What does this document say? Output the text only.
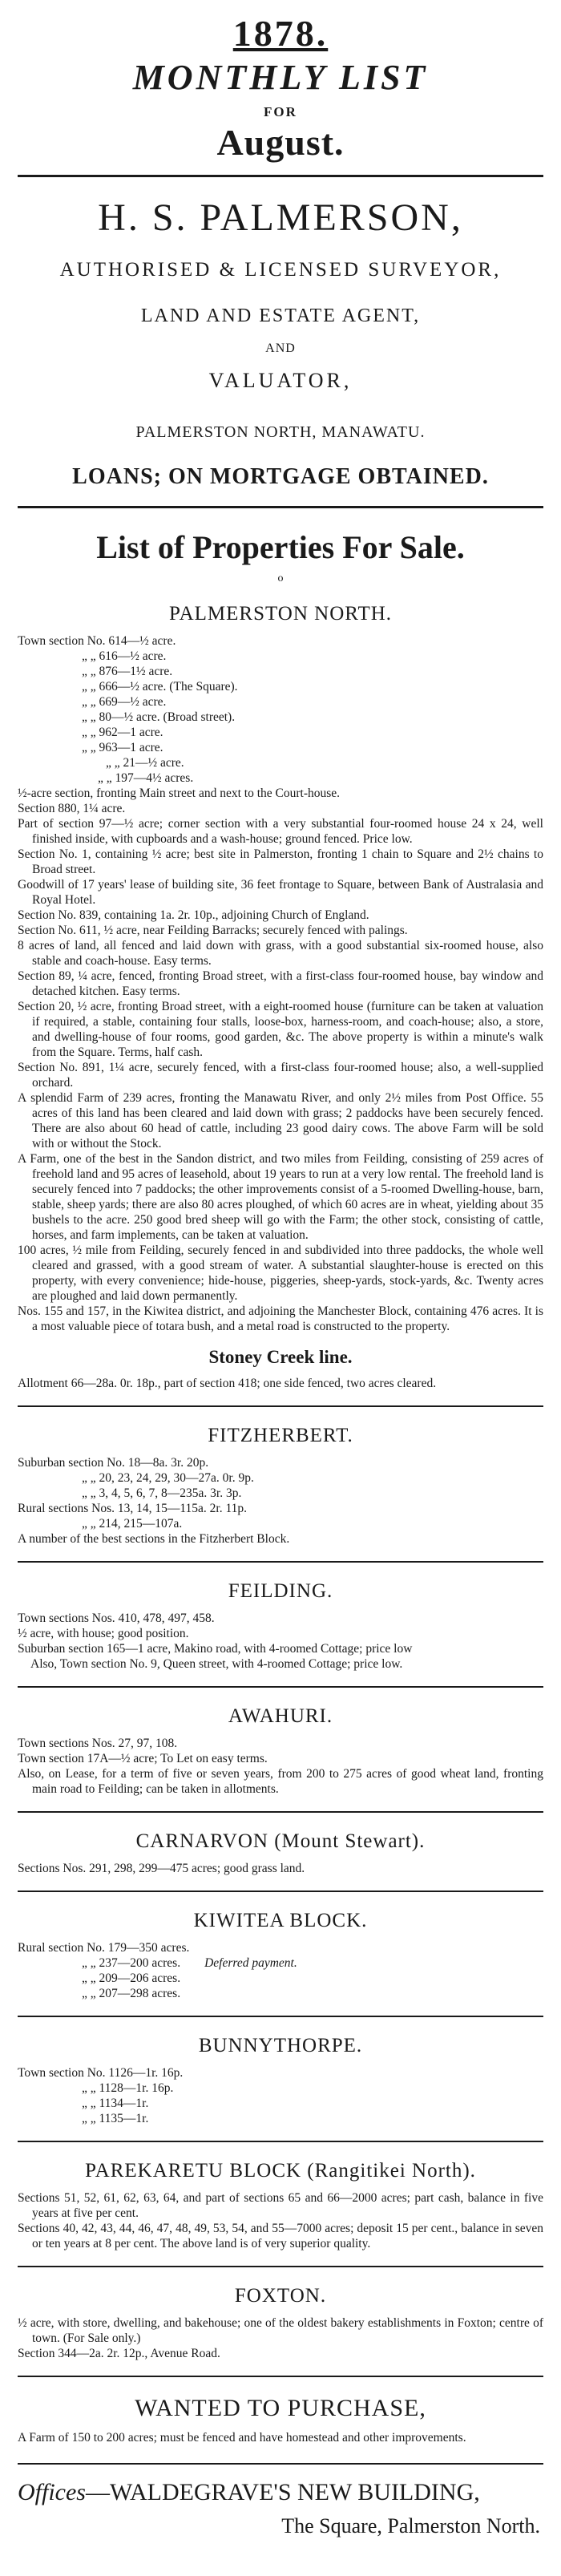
1878.
MONTHLY LIST
FOR
August.
H. S. PALMERSON,
AUTHORISED & LICENSED SURVEYOR,
LAND AND ESTATE AGENT,
AND
VALUATOR,
PALMERSTON NORTH, MANAWATU.
LOANS; ON MORTGAGE OBTAINED.
List of Properties For Sale.
o
PALMERSTON NORTH.

Town section No. 614—½ acre.

„ „ 616—½ acre.

„ „ 876—1½ acre.

„ „ 666—½ acre. (The Square).

„ „ 669—½ acre.

„ „ 80—½ acre. (Broad street).

„ „ 962—1 acre.

„ „ 963—1 acre.

„ „ 21—½ acre.

„ „ 197—4½ acres.

½-acre section, fronting Main street and next to the Court-house.

Section 880, 1¼ acre.

Part of section 97—½ acre; corner section with a very substantial four-roomed house 24 x 24, well finished inside, with cupboards and a wash-house; ground fenced. Price low.

Section No. 1, containing ½ acre; best site in Palmerston, fronting 1 chain to Square and 2½ chains to Broad street.

Goodwill of 17 years' lease of building site, 36 feet frontage to Square, between Bank of Australasia and Royal Hotel.

Section No. 839, containing 1a. 2r. 10p., adjoining Church of England.

Section No. 611, ½ acre, near Feilding Barracks; securely fenced with palings.

8 acres of land, all fenced and laid down with grass, with a good substantial six-roomed house, also stable and coach-house. Easy terms.

Section 89, ¼ acre, fenced, fronting Broad street, with a first-class four-roomed house, bay window and detached kitchen. Easy terms.

Section 20, ½ acre, fronting Broad street, with a eight-roomed house (furniture can be taken at valuation if required, a stable, containing four stalls, loose-box, harness-room, and coach-house; also, a store, and dwelling-house of four rooms, good garden, &c. The above property is within a minute's walk from the Square. Terms, half cash.

Section No. 891, 1¼ acre, securely fenced, with a first-class four-roomed house; also, a well-supplied orchard.

A splendid Farm of 239 acres, fronting the Manawatu River, and only 2½ miles from Post Office. 55 acres of this land has been cleared and laid down with grass; 2 paddocks have been securely fenced. There are also about 60 head of cattle, including 23 good dairy cows. The above Farm will be sold with or without the Stock.

A Farm, one of the best in the Sandon district, and two miles from Feilding, consisting of 259 acres of freehold land and 95 acres of leasehold, about 19 years to run at a very low rental. The freehold land is securely fenced into 7 paddocks; the other improvements consist of a 5-roomed Dwelling-house, barn, stable, sheep yards; there are also 80 acres ploughed, of which 60 acres are in wheat, yielding about 35 bushels to the acre. 250 good bred sheep will go with the Farm; the other stock, consisting of cattle, horses, and farm implements, can be taken at valuation.

100 acres, ½ mile from Feilding, securely fenced in and subdivided into three paddocks, the whole well cleared and grassed, with a good stream of water. A substantial slaughter-house is erected on this property, with every convenience; hide-house, piggeries, sheep-yards, stock-yards, &c. Twenty acres are ploughed and laid down permanently.

Nos. 155 and 157, in the Kiwitea district, and adjoining the Manchester Block, containing 476 acres. It is a most valuable piece of totara bush, and a metal road is constructed to the property.

Stoney Creek line.

Allotment 66—28a. 0r. 18p., part of section 418; one side fenced, two acres cleared.

FITZHERBERT.

Suburban section No. 18—8a. 3r. 20p.

„ „ 20, 23, 24, 29, 30—27a. 0r. 9p.

„ „ 3, 4, 5, 6, 7, 8—235a. 3r. 3p.

Rural sections Nos. 13, 14, 15—115a. 2r. 11p.

„ „ 214, 215—107a.

A number of the best sections in the Fitzherbert Block.

FEILDING.

Town sections Nos. 410, 478, 497, 458.

½ acre, with house; good position.

Suburban section 165—1 acre, Makino road, with 4-roomed Cottage; price low

Also, Town section No. 9, Queen street, with 4-roomed Cottage; price low.

AWAHURI.

Town sections Nos. 27, 97, 108.

Town section 17A—½ acre; To Let on easy terms.

Also, on Lease, for a term of five or seven years, from 200 to 275 acres of good wheat land, fronting main road to Feilding; can be taken in allotments.

CARNARVON (Mount Stewart).

Sections Nos. 291, 298, 299—475 acres; good grass land.

KIWITEA BLOCK.

Rural section No. 179—350 acres.

„ „ 237—200 acres. Deferred payment.

„ „ 209—206 acres.

„ „ 207—298 acres.

BUNNYTHORPE.

Town section No. 1126—1r. 16p.

„ „ 1128—1r. 16p.

„ „ 1134—1r.

„ „ 1135—1r.

PAREKARETU BLOCK (Rangitikei North).

Sections 51, 52, 61, 62, 63, 64, and part of sections 65 and 66—2000 acres; part cash, balance in five years at five per cent.

Sections 40, 42, 43, 44, 46, 47, 48, 49, 53, 54, and 55—7000 acres; deposit 15 per cent., balance in seven or ten years at 8 per cent. The above land is of very superior quality.

FOXTON.

½ acre, with store, dwelling, and bakehouse; one of the oldest bakery establishments in Foxton; centre of town. (For Sale only.)

Section 344—2a. 2r. 12p., Avenue Road.

WANTED TO PURCHASE,

A Farm of 150 to 200 acres; must be fenced and have homestead and other improvements.

Offices—WALDEGRAVE'S NEW BUILDING,
The Square, Palmerston North.
